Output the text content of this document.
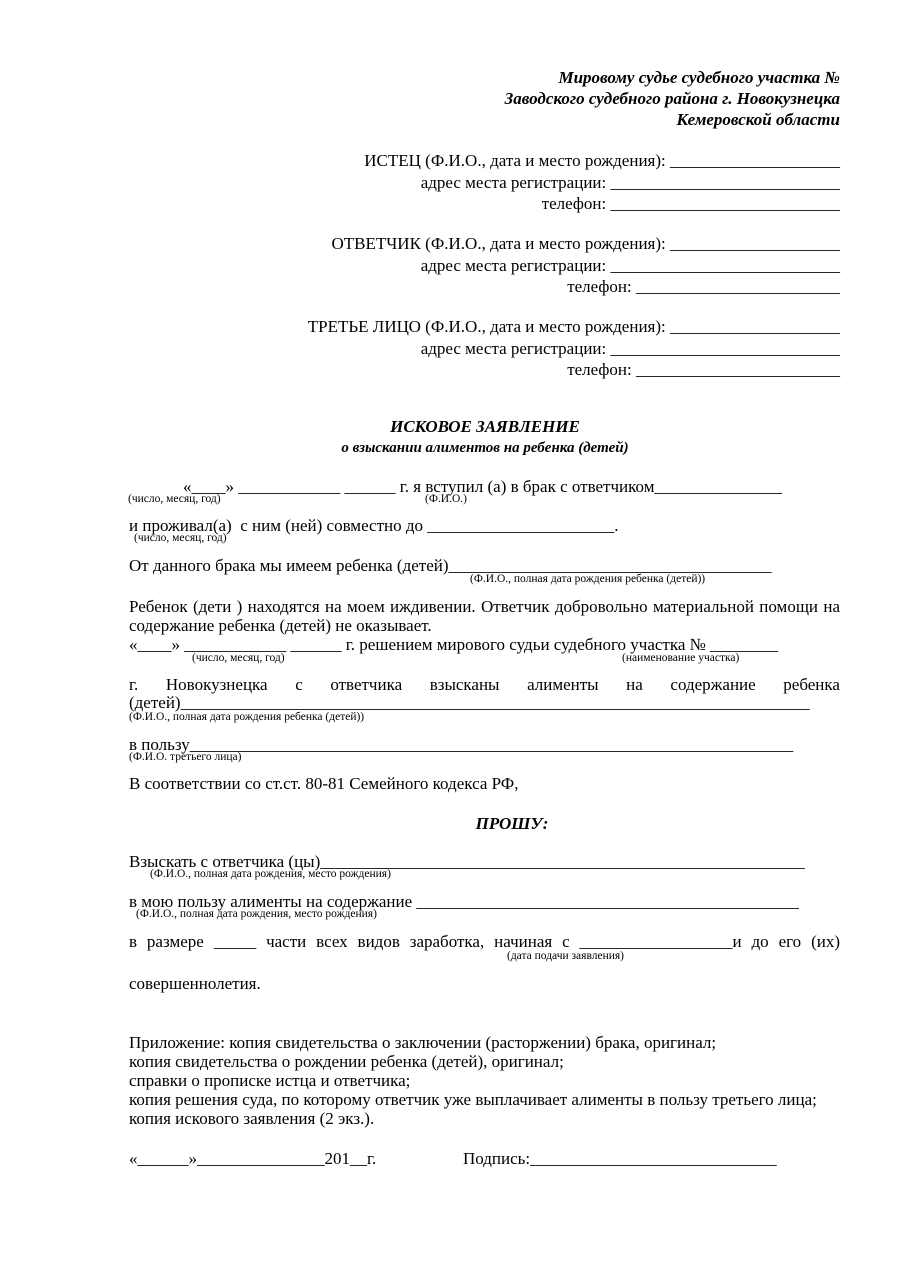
Мировому судье судебного участка №
Заводского судебного района г. Новокузнецка
Кемеровской области
ИСТЕЦ (Ф.И.О., дата и место рождения): ____________________
адрес места регистрации: ___________________________
телефон: ___________________________
ОТВЕТЧИК (Ф.И.О., дата и место рождения): ____________________
адрес места регистрации: ___________________________
телефон: ________________________
ТРЕТЬЕ ЛИЦО (Ф.И.О., дата и место рождения): ____________________
адрес места регистрации: ___________________________
телефон: ________________________
ИСКОВОЕ ЗАЯВЛЕНИЕ
о взыскании алиментов на ребенка (детей)
«____» ____________ ______ г. я вступил (а) в брак с ответчиком_______________
(число, месяц, год)	(Ф.И.О.)
и проживал(а)  с ним (ней) совместно до ______________________.
(число, месяц, год)
От данного брака мы имеем ребенка (детей)______________________________________
(Ф.И.О., полная дата рождения ребенка (детей))
Ребенок (дети ) находятся на моем иждивении. Ответчик добровольно материальной помощи на
содержание ребенка (детей) не оказывает.
«____» ____________ ______ г. решением мирового судьи судебного участка № ________
(число, месяц, год)	(наименование участка)
г. Новокузнецка с ответчика взысканы алименты на содержание ребенка
(детей)__________________________________________________________________________
(Ф.И.О., полная дата рождения ребенка (детей))
в пользу_______________________________________________________________________
(Ф.И.О. третьего лица)
В соответствии со ст.ст. 80-81 Семейного кодекса РФ,
ПРОШУ:
Взыскать с ответчика (цы)_________________________________________________________
(Ф.И.О., полная дата рождения, место рождения)
в мою пользу алименты на содержание _____________________________________________
(Ф.И.О., полная дата рождения, место рождения)
в размере _____ части всех видов заработка, начиная с __________________и до его (их)
(дата подачи заявления)
совершеннолетия.
Приложение: копия свидетельства о заключении (расторжении) брака, оригинал;
копия свидетельства о рождении ребенка (детей), оригинал;
справки о прописке истца и ответчика;
копия решения суда, по которому ответчик уже выплачивает алименты в пользу третьего лица;
копия искового заявления (2 экз.).
«______»_______________201__г.	Подпись:_____________________________
